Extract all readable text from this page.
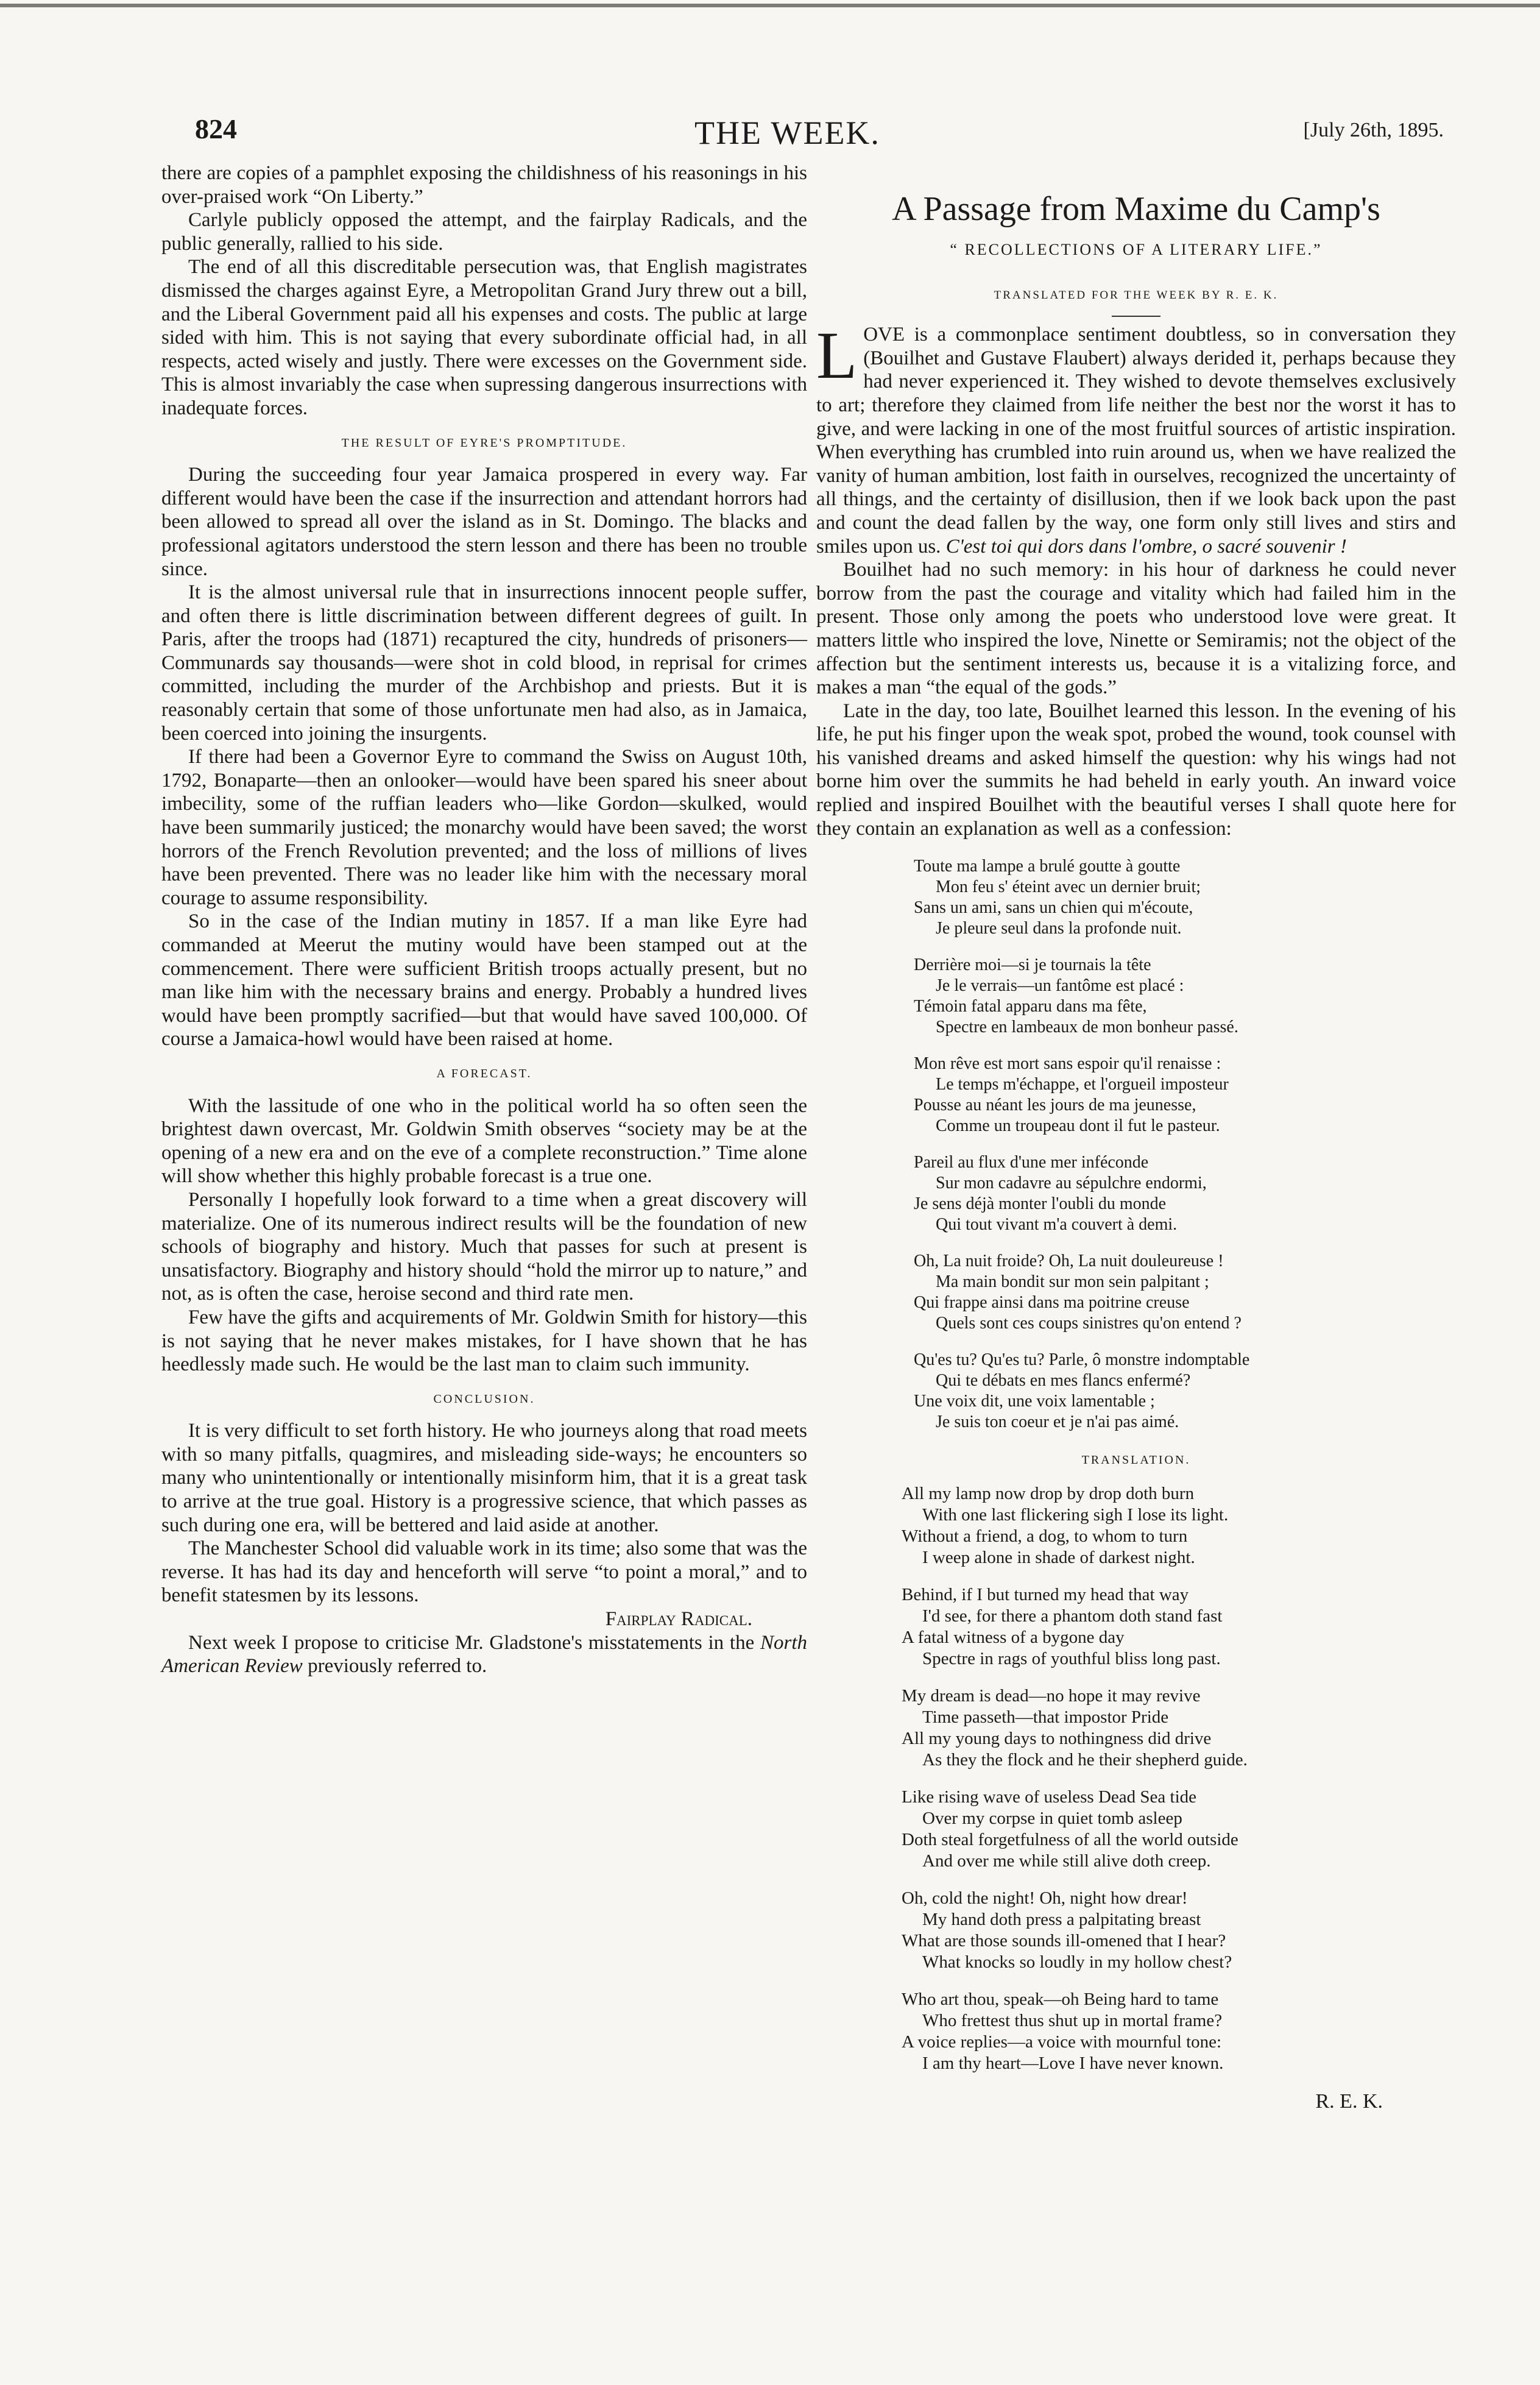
824	THE WEEK.	[July 26th, 1895.

there are copies of a pamphlet exposing the childishness of his reasonings in his over-praised work “On Liberty.”

Carlyle publicly opposed the attempt, and the fairplay Radicals, and the public generally, rallied to his side.

The end of all this discreditable persecution was, that English magistrates dismissed the charges against Eyre, a Metropolitan Grand Jury threw out a bill, and the Liberal Government paid all his expenses and costs. The public at large sided with him. This is not saying that every subordinate official had, in all respects, acted wisely and justly. There were excesses on the Government side. This is almost invariably the case when supressing dangerous insurrections with inadequate forces.

THE RESULT OF EYRE'S PROMPTITUDE.

During the succeeding four year Jamaica prospered in every way. Far different would have been the case if the insurrection and attendant horrors had been allowed to spread all over the island as in St. Domingo. The blacks and professional agitators understood the stern lesson and there has been no trouble since.

It is the almost universal rule that in insurrections innocent people suffer, and often there is little discrimination between different degrees of guilt. In Paris, after the troops had (1871) recaptured the city, hundreds of prisoners—Communards say thousands—were shot in cold blood, in reprisal for crimes committed, including the murder of the Archbishop and priests. But it is reasonably certain that some of those unfortunate men had also, as in Jamaica, been coerced into joining the insurgents.

If there had been a Governor Eyre to command the Swiss on August 10th, 1792, Bonaparte—then an onlooker—would have been spared his sneer about imbecility, some of the ruffian leaders who—like Gordon—skulked, would have been summarily justiced; the monarchy would have been saved; the worst horrors of the French Revolution prevented; and the loss of millions of lives have been prevented. There was no leader like him with the necessary moral courage to assume responsibility.

So in the case of the Indian mutiny in 1857. If a man like Eyre had commanded at Meerut the mutiny would have been stamped out at the commencement. There were sufficient British troops actually present, but no man like him with the necessary brains and energy. Probably a hundred lives would have been promptly sacrified—but that would have saved 100,000. Of course a Jamaica-howl would have been raised at home.

A FORECAST.

With the lassitude of one who in the political world ha so often seen the brightest dawn overcast, Mr. Goldwin Smith observes “society may be at the opening of a new era and on the eve of a complete reconstruction.” Time alone will show whether this highly probable forecast is a true one.

Personally I hopefully look forward to a time when a great discovery will materialize. One of its numerous indirect results will be the foundation of new schools of biography and history. Much that passes for such at present is unsatisfactory. Biography and history should “hold the mirror up to nature,” and not, as is often the case, heroise second and third rate men.

Few have the gifts and acquirements of Mr. Goldwin Smith for history—this is not saying that he never makes mistakes, for I have shown that he has heedlessly made such. He would be the last man to claim such immunity.

CONCLUSION.

It is very difficult to set forth history. He who journeys along that road meets with so many pitfalls, quagmires, and misleading side-ways; he encounters so many who unintentionally or intentionally misinform him, that it is a great task to arrive at the true goal. History is a progressive science, that which passes as such during one era, will be bettered and laid aside at another.

The Manchester School did valuable work in its time; also some that was the reverse. It has had its day and henceforth will serve “to point a moral,” and to benefit statesmen by its lessons.

Fairplay Radical.

Next week I propose to criticise Mr. Gladstone's misstatements in the North American Review previously referred to.

A Passage from Maxime du Camp's
“ RECOLLECTIONS OF A LITERARY LIFE.”
TRANSLATED FOR THE WEEK BY R. E. K.

LOVE is a commonplace sentiment doubtless, so in conversation they (Bouilhet and Gustave Flaubert) always derided it, perhaps because they had never experienced it. They wished to devote themselves exclusively to art; therefore they claimed from life neither the best nor the worst it has to give, and were lacking in one of the most fruitful sources of artistic inspiration. When everything has crumbled into ruin around us, when we have realized the vanity of human ambition, lost faith in ourselves, recognized the uncertainty of all things, and the certainty of disillusion, then if we look back upon the past and count the dead fallen by the way, one form only still lives and stirs and smiles upon us. C'est toi qui dors dans l'ombre, o sacré souvenir !

Bouilhet had no such memory: in his hour of darkness he could never borrow from the past the courage and vitality which had failed him in the present. Those only among the poets who understood love were great. It matters little who inspired the love, Ninette or Semiramis; not the object of the affection but the sentiment interests us, because it is a vitalizing force, and makes a man “the equal of the gods.”

Late in the day, too late, Bouilhet learned this lesson. In the evening of his life, he put his finger upon the weak spot, probed the wound, took counsel with his vanished dreams and asked himself the question: why his wings had not borne him over the summits he had beheld in early youth. An inward voice replied and inspired Bouilhet with the beautiful verses I shall quote here for they contain an explanation as well as a confession:

Toute ma lampe a brulé goutte à goutte
Mon feu s' éteint avec un dernier bruit;
Sans un ami, sans un chien qui m'écoute,
Je pleure seul dans la profonde nuit.
Derrière moi—si je tournais la tête
Je le verrais—un fantôme est placé :
Témoin fatal apparu dans ma fête,
Spectre en lambeaux de mon bonheur passé.
Mon rêve est mort sans espoir qu'il renaisse :
Le temps m'échappe, et l'orgueil imposteur
Pousse au néant les jours de ma jeunesse,
Comme un troupeau dont il fut le pasteur.
Pareil au flux d'une mer inféconde
Sur mon cadavre au sépulchre endormi,
Je sens déjà monter l'oubli du monde
Qui tout vivant m'a couvert à demi.
Oh, La nuit froide? Oh, La nuit douleureuse !
Ma main bondit sur mon sein palpitant ;
Qui frappe ainsi dans ma poitrine creuse
Quels sont ces coups sinistres qu'on entend ?
Qu'es tu? Qu'es tu? Parle, ô monstre indomptable
Qui te débats en mes flancs enfermé?
Une voix dit, une voix lamentable ;
Je suis ton coeur et je n'ai pas aimé.
TRANSLATION.
All my lamp now drop by drop doth burn
With one last flickering sigh I lose its light.
Without a friend, a dog, to whom to turn
I weep alone in shade of darkest night.
Behind, if I but turned my head that way
I'd see, for there a phantom doth stand fast
A fatal witness of a bygone day
Spectre in rags of youthful bliss long past.
My dream is dead—no hope it may revive
Time passeth—that impostor Pride
All my young days to nothingness did drive
As they the flock and he their shepherd guide.
Like rising wave of useless Dead Sea tide
Over my corpse in quiet tomb asleep
Doth steal forgetfulness of all the world outside
And over me while still alive doth creep.
Oh, cold the night! Oh, night how drear!
My hand doth press a palpitating breast
What are those sounds ill-omened that I hear?
What knocks so loudly in my hollow chest?
Who art thou, speak—oh Being hard to tame
Who frettest thus shut up in mortal frame?
A voice replies—a voice with mournful tone:
I am thy heart—Love I have never known.
R. E. K.
